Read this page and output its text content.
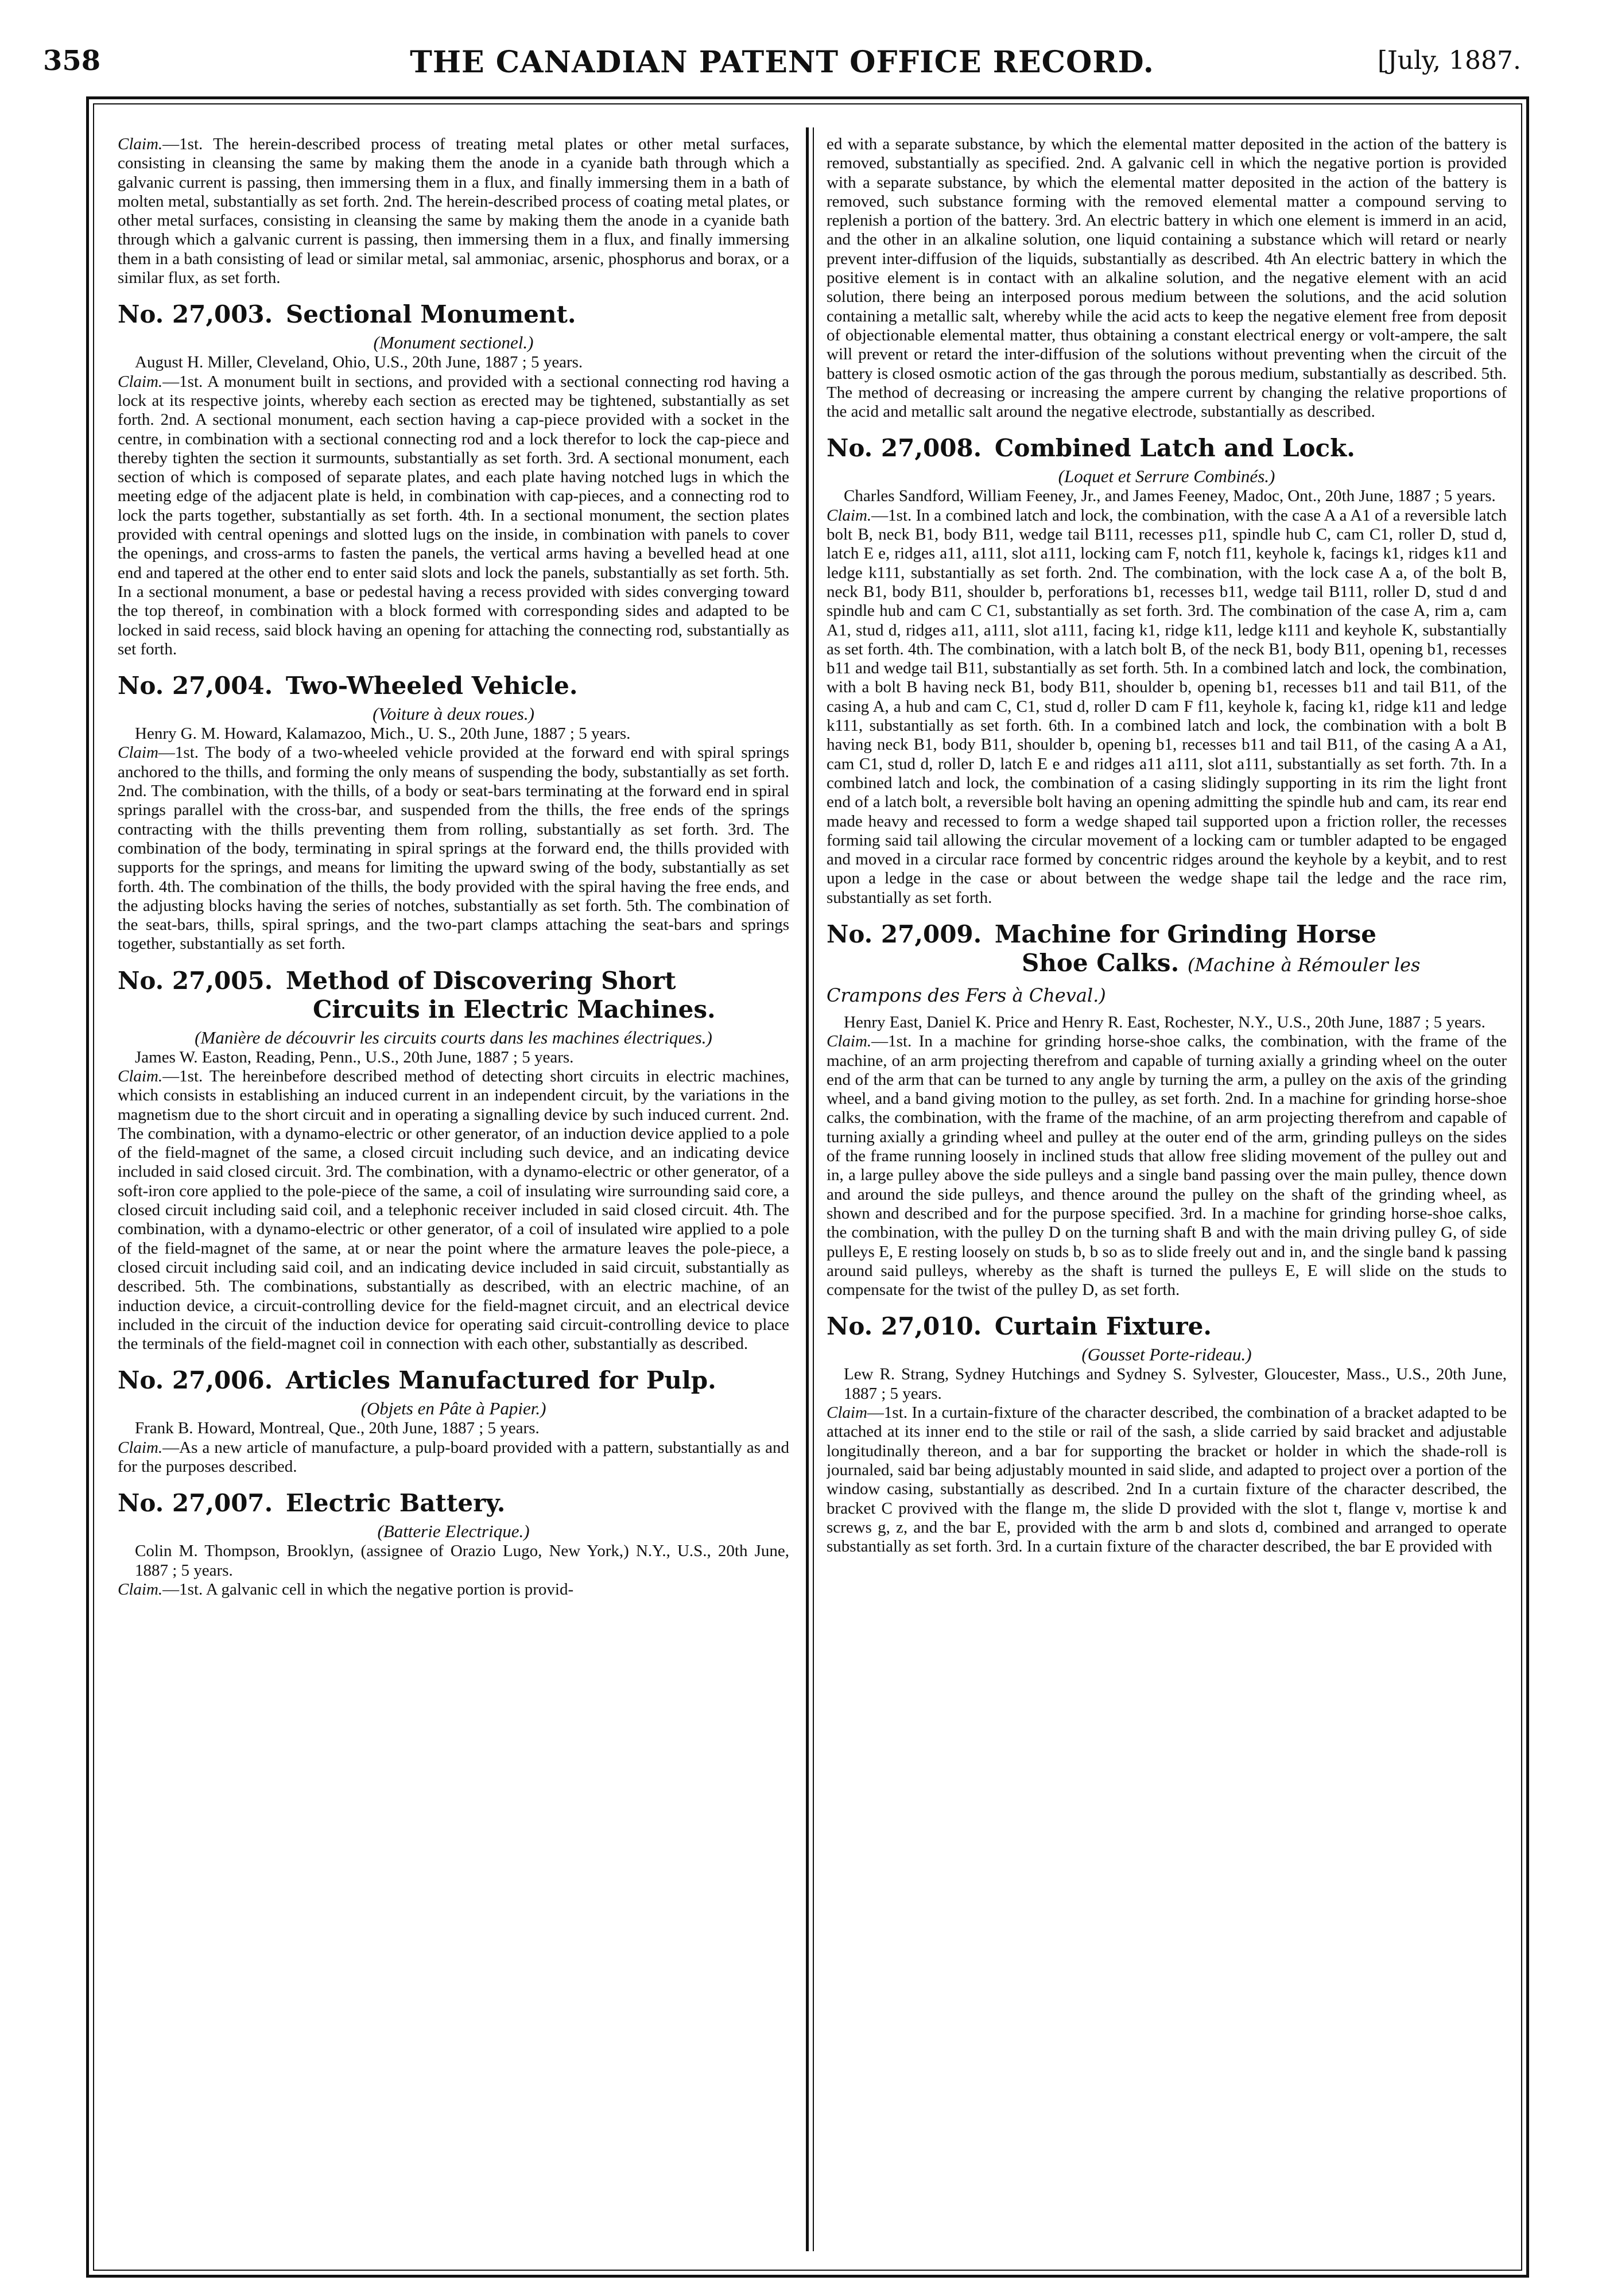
358	THE CANADIAN PATENT OFFICE RECORD.	[July, 1887.

Claim.—1st. The herein-described process of treating metal plates or other metal surfaces, consisting in cleansing the same by making them the anode in a cyanide bath through which a galvanic current is passing, then immersing them in a flux, and finally immersing them in a bath of molten metal, substantially as set forth. 2nd. The herein-described process of coating metal plates, or other metal surfaces, consisting in cleansing the same by making them the anode in a cyanide bath through which a galvanic current is passing, then immersing them in a flux, and finally immersing them in a bath consisting of lead or similar metal, sal ammoniac, arsenic, phosphorus and borax, or a similar flux, as set forth.

No. 27,003. Sectional Monument.

(Monument sectionel.)

August H. Miller, Cleveland, Ohio, U.S., 20th June, 1887 ; 5 years.

Claim.—1st. A monument built in sections, and provided with a sectional connecting rod having a lock at its respective joints, whereby each section as erected may be tightened, substantially as set forth. 2nd. A sectional monument, each section having a cap-piece provided with a socket in the centre, in combination with a sectional connecting rod and a lock therefor to lock the cap-piece and thereby tighten the section it surmounts, substantially as set forth. 3rd. A sectional monument, each section of which is composed of separate plates, and each plate having notched lugs in which the meeting edge of the adjacent plate is held, in combination with cap-pieces, and a connecting rod to lock the parts together, substantially as set forth. 4th. In a sectional monument, the section plates provided with central openings and slotted lugs on the inside, in combination with panels to cover the openings, and cross-arms to fasten the panels, the vertical arms having a bevelled head at one end and tapered at the other end to enter said slots and lock the panels, substantially as set forth. 5th. In a sectional monument, a base or pedestal having a recess provided with sides converging toward the top thereof, in combination with a block formed with corresponding sides and adapted to be locked in said recess, said block having an opening for attaching the connecting rod, substantially as set forth.

No. 27,004. Two-Wheeled Vehicle.

(Voiture à deux roues.)

Henry G. M. Howard, Kalamazoo, Mich., U. S., 20th June, 1887 ; 5 years.

Claim—1st. The body of a two-wheeled vehicle provided at the forward end with spiral springs anchored to the thills, and forming the only means of suspending the body, substantially as set forth. 2nd. The combination, with the thills, of a body or seat-bars terminating at the forward end in spiral springs parallel with the cross-bar, and suspended from the thills, the free ends of the springs contracting with the thills preventing them from rolling, substantially as set forth. 3rd. The combination of the body, terminating in spiral springs at the forward end, the thills provided with supports for the springs, and means for limiting the upward swing of the body, substantially as set forth. 4th. The combination of the thills, the body provided with the spiral having the free ends, and the adjusting blocks having the series of notches, substantially as set forth. 5th. The combination of the seat-bars, thills, spiral springs, and the two-part clamps attaching the seat-bars and springs together, substantially as set forth.

No. 27,005. Method of Discovering Short
Circuits in Electric Machines.

(Manière de découvrir les circuits courts dans les machines électriques.)

James W. Easton, Reading, Penn., U.S., 20th June, 1887 ; 5 years.

Claim.—1st. The hereinbefore described method of detecting short circuits in electric machines, which consists in establishing an induced current in an independent circuit, by the variations in the magnetism due to the short circuit and in operating a signalling device by such induced current. 2nd. The combination, with a dynamo-electric or other generator, of an induction device applied to a pole of the field-magnet of the same, a closed circuit including such device, and an indicating device included in said closed circuit. 3rd. The combination, with a dynamo-electric or other generator, of a soft-iron core applied to the pole-piece of the same, a coil of insulating wire surrounding said core, a closed circuit including said coil, and a telephonic receiver included in said closed circuit. 4th. The combination, with a dynamo-electric or other generator, of a coil of insulated wire applied to a pole of the field-magnet of the same, at or near the point where the armature leaves the pole-piece, a closed circuit including said coil, and an indicating device included in said circuit, substantially as described. 5th. The combinations, substantially as described, with an electric machine, of an induction device, a circuit-controlling device for the field-magnet circuit, and an electrical device included in the circuit of the induction device for operating said circuit-controlling device to place the terminals of the field-magnet coil in connection with each other, substantially as described.

No. 27,006. Articles Manufactured for Pulp.

(Objets en Pâte à Papier.)

Frank B. Howard, Montreal, Que., 20th June, 1887 ; 5 years.

Claim.—As a new article of manufacture, a pulp-board provided with a pattern, substantially as and for the purposes described.

No. 27,007. Electric Battery.

(Batterie Electrique.)

Colin M. Thompson, Brooklyn, (assignee of Orazio Lugo, New York,) N.Y., U.S., 20th June, 1887 ; 5 years.

Claim.—1st. A galvanic cell in which the negative portion is provid-

ed with a separate substance, by which the elemental matter deposited in the action of the battery is removed, substantially as specified. 2nd. A galvanic cell in which the negative portion is provided with a separate substance, by which the elemental matter deposited in the action of the battery is removed, such substance forming with the removed elemental matter a compound serving to replenish a portion of the battery. 3rd. An electric battery in which one element is immerd in an acid, and the other in an alkaline solution, one liquid containing a substance which will retard or nearly prevent inter-diffusion of the liquids, substantially as described. 4th An electric battery in which the positive element is in contact with an alkaline solution, and the negative element with an acid solution, there being an interposed porous medium between the solutions, and the acid solution containing a metallic salt, whereby while the acid acts to keep the negative element free from deposit of objectionable elemental matter, thus obtaining a constant electrical energy or volt-ampere, the salt will prevent or retard the inter-diffusion of the solutions without preventing when the circuit of the battery is closed osmotic action of the gas through the porous medium, substantially as described. 5th. The method of decreasing or increasing the ampere current by changing the relative proportions of the acid and metallic salt around the negative electrode, substantially as described.

No. 27,008. Combined Latch and Lock.

(Loquet et Serrure Combinés.)

Charles Sandford, William Feeney, Jr., and James Feeney, Madoc, Ont., 20th June, 1887 ; 5 years.

Claim.—1st. In a combined latch and lock, the combination, with the case A a A1 of a reversible latch bolt B, neck B1, body B11, wedge tail B111, recesses p11, spindle hub C, cam C1, roller D, stud d, latch E e, ridges a11, a111, slot a111, locking cam F, notch f11, keyhole k, facings k1, ridges k11 and ledge k111, substantially as set forth. 2nd. The combination, with the lock case A a, of the bolt B, neck B1, body B11, shoulder b, perforations b1, recesses b11, wedge tail B111, roller D, stud d and spindle hub and cam C C1, substantially as set forth. 3rd. The combination of the case A, rim a, cam A1, stud d, ridges a11, a111, slot a111, facing k1, ridge k11, ledge k111 and keyhole K, substantially as set forth. 4th. The combination, with a latch bolt B, of the neck B1, body B11, opening b1, recesses b11 and wedge tail B11, substantially as set forth. 5th. In a combined latch and lock, the combination, with a bolt B having neck B1, body B11, shoulder b, opening b1, recesses b11 and tail B11, of the casing A, a hub and cam C, C1, stud d, roller D cam F f11, keyhole k, facing k1, ridge k11 and ledge k111, substantially as set forth. 6th. In a combined latch and lock, the combination with a bolt B having neck B1, body B11, shoulder b, opening b1, recesses b11 and tail B11, of the casing A a A1, cam C1, stud d, roller D, latch E e and ridges a11 a111, slot a111, substantially as set forth. 7th. In a combined latch and lock, the combination of a casing slidingly supporting in its rim the light front end of a latch bolt, a reversible bolt having an opening admitting the spindle hub and cam, its rear end made heavy and recessed to form a wedge shaped tail supported upon a friction roller, the recesses forming said tail allowing the circular movement of a locking cam or tumbler adapted to be engaged and moved in a circular race formed by concentric ridges around the keyhole by a keybit, and to rest upon a ledge in the case or about between the wedge shape tail the ledge and the race rim, substantially as set forth.

No. 27,009. Machine for Grinding Horse
Shoe Calks. (Machine à Rémouler les Crampons des Fers à Cheval.)

Henry East, Daniel K. Price and Henry R. East, Rochester, N.Y., U.S., 20th June, 1887 ; 5 years.

Claim.—1st. In a machine for grinding horse-shoe calks, the combination, with the frame of the machine, of an arm projecting therefrom and capable of turning axially a grinding wheel on the outer end of the arm that can be turned to any angle by turning the arm, a pulley on the axis of the grinding wheel, and a band giving motion to the pulley, as set forth. 2nd. In a machine for grinding horse-shoe calks, the combination, with the frame of the machine, of an arm projecting therefrom and capable of turning axially a grinding wheel and pulley at the outer end of the arm, grinding pulleys on the sides of the frame running loosely in inclined studs that allow free sliding movement of the pulley out and in, a large pulley above the side pulleys and a single band passing over the main pulley, thence down and around the side pulleys, and thence around the pulley on the shaft of the grinding wheel, as shown and described and for the purpose specified. 3rd. In a machine for grinding horse-shoe calks, the combination, with the pulley D on the turning shaft B and with the main driving pulley G, of side pulleys E, E resting loosely on studs b, b so as to slide freely out and in, and the single band k passing around said pulleys, whereby as the shaft is turned the pulleys E, E will slide on the studs to compensate for the twist of the pulley D, as set forth.

No. 27,010. Curtain Fixture.

(Gousset Porte-rideau.)

Lew R. Strang, Sydney Hutchings and Sydney S. Sylvester, Gloucester, Mass., U.S., 20th June, 1887 ; 5 years.

Claim—1st. In a curtain-fixture of the character described, the combination of a bracket adapted to be attached at its inner end to the stile or rail of the sash, a slide carried by said bracket and adjustable longitudinally thereon, and a bar for supporting the bracket or holder in which the shade-roll is journaled, said bar being adjustably mounted in said slide, and adapted to project over a portion of the window casing, substantially as described. 2nd In a curtain fixture of the character described, the bracket C provived with the flange m, the slide D provided with the slot t, flange v, mortise k and screws g, z, and the bar E, provided with the arm b and slots d, combined and arranged to operate substantially as set forth. 3rd. In a curtain fixture of the character described, the bar E provided with
